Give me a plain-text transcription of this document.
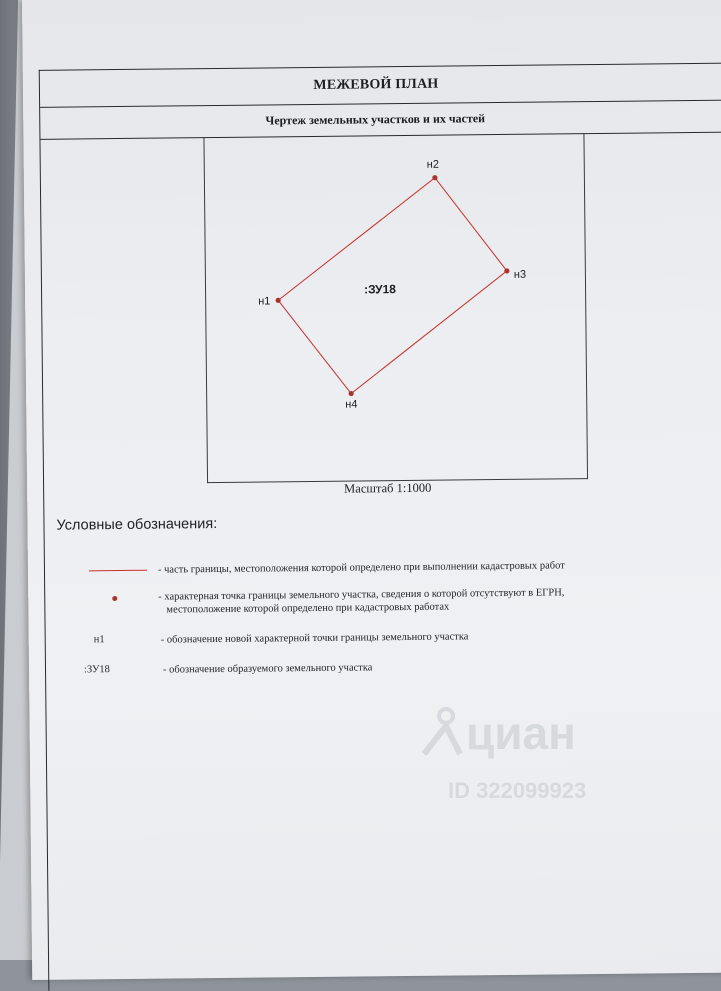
МЕЖЕВОЙ ПЛАН
Чертеж земельных участков и их частей
н1
н2
н3
н4
:ЗУ18
Масштаб 1:1000
Условные обозначения:
- часть границы, местоположения которой определено при выполнении кадастровых работ
- характерная точка границы земельного участка, сведения о которой отсутствуют в ЕГРН,
местоположение которой определено при кадастровых работах
н1	- обозначение новой характерной точки границы земельного участка
:ЗУ18	- обозначение образуемого земельного участка
циан
ID 322099923
